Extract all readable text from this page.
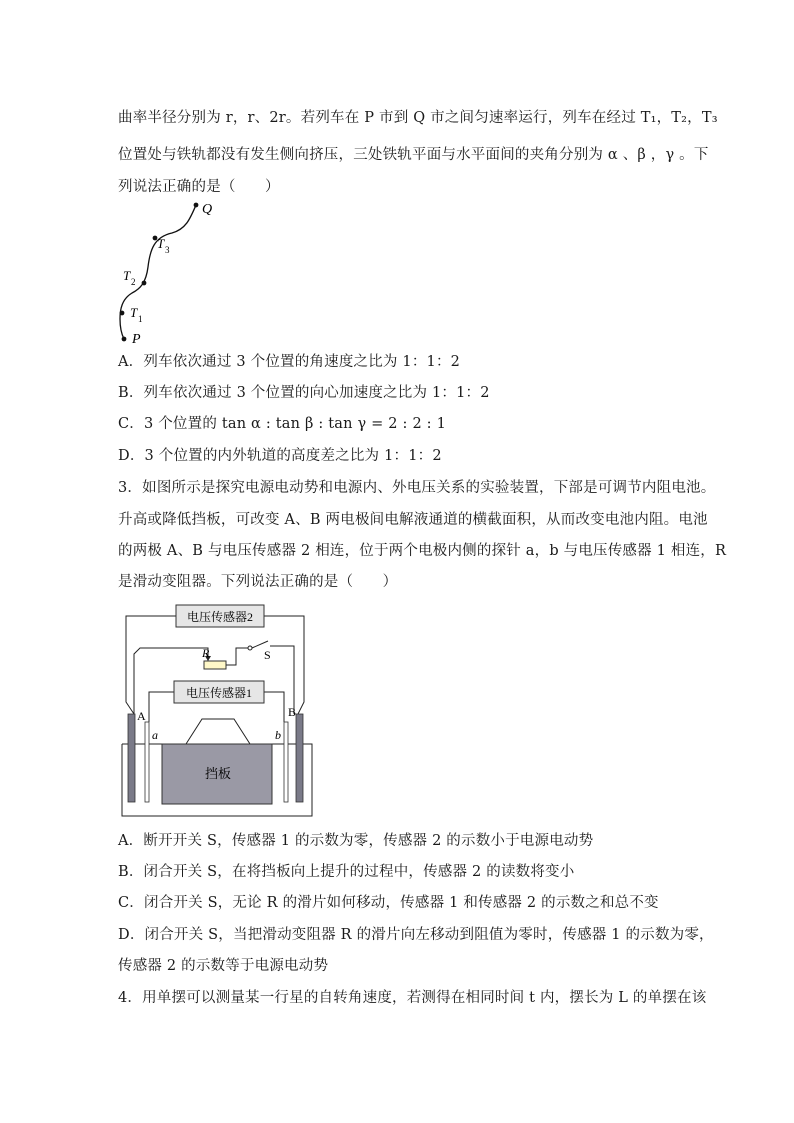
曲率半径分别为 r，r、2r。若列车在 P 市到 Q 市之间匀速率运行，列车在经过 T₁，T₂，T₃
位置处与铁轨都没有发生侧向挤压，三处铁轨平面与水平面间的夹角分别为 α 、β ，γ 。下
列说法正确的是（　　）
Q
T 3
T 2
T 1
P
A．列车依次通过 3 个位置的角速度之比为 1：1：2
B．列车依次通过 3 个位置的向心加速度之比为 1：1：2
C．3 个位置的 tan α : tan β : tan γ = 2 : 2 : 1
D．3 个位置的内外轨道的高度差之比为 1：1：2
3．如图所示是探究电源电动势和电源内、外电压关系的实验装置，下部是可调节内阻电池。
升高或降低挡板，可改变 A、B 两电极间电解液通道的横截面积，从而改变电池内阻。电池
的两极 A、B 与电压传感器 2 相连，位于两个电极内侧的探针 a，b 与电压传感器 1 相连，R
是滑动变阻器。下列说法正确的是（　　）
电压传感器2
R	S
电压传感器1
挡板
A	B
a	b
A．断开开关 S，传感器 1 的示数为零，传感器 2 的示数小于电源电动势
B．闭合开关 S，在将挡板向上提升的过程中，传感器 2 的读数将变小
C．闭合开关 S，无论 R 的滑片如何移动，传感器 1 和传感器 2 的示数之和总不变
D．闭合开关 S，当把滑动变阻器 R 的滑片向左移动到阻值为零时，传感器 1 的示数为零，
传感器 2 的示数等于电源电动势
4．用单摆可以测量某一行星的自转角速度，若测得在相同时间 t 内，摆长为 L 的单摆在该
